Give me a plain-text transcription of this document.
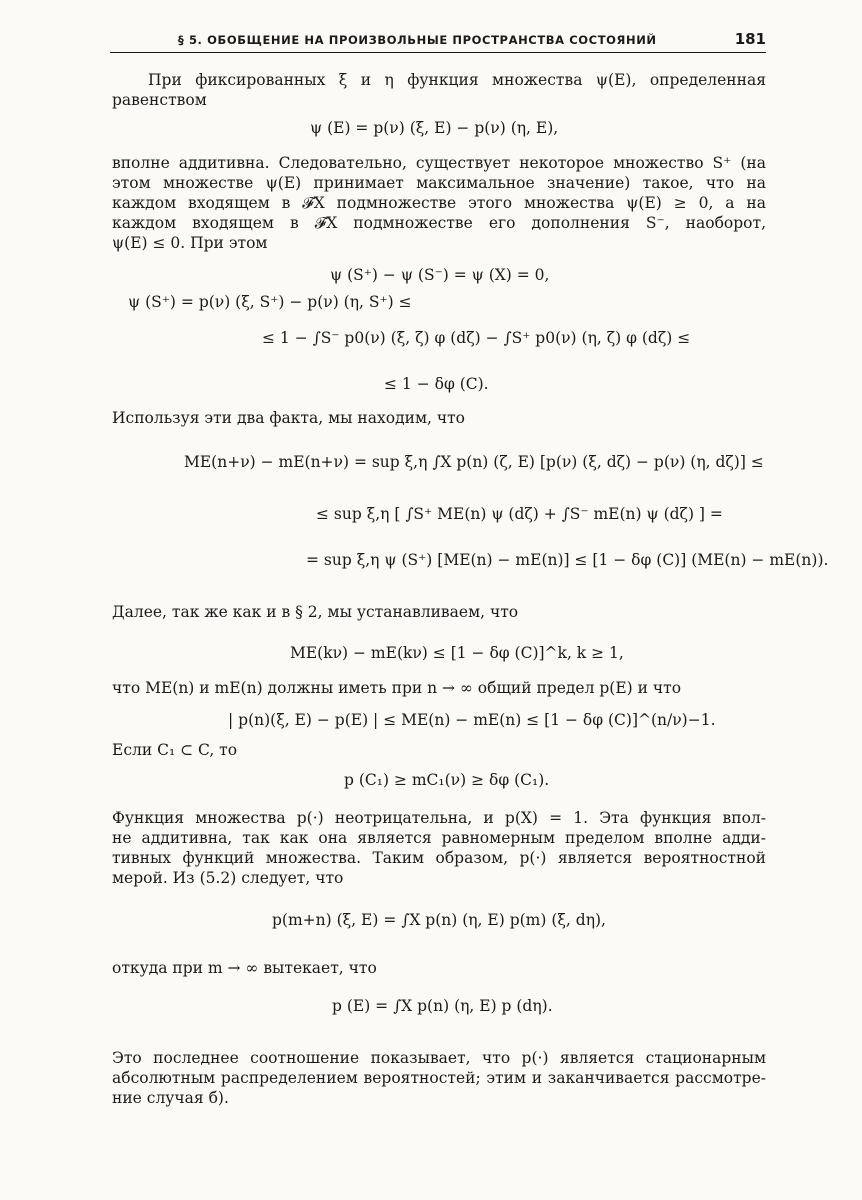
§ 5. ОБОБЩЕНИЕ НА ПРОИЗВОЛЬНЫЕ ПРОСТРАНСТВА СОСТОЯНИЙ	181
При фиксированных ξ и η функция множества ψ(E), определенная
равенством
ψ (E) = p(ν) (ξ, E) − p(ν) (η, E),
вполне аддитивна. Следовательно, существует некоторое множество S⁺ (на
этом множестве ψ(E) принимает максимальное значение) такое, что на
каждом входящем в 𝓕X подмножестве этого множества ψ(E) ≥ 0, а на
каждом входящем в 𝓕X подмножестве его дополнения S⁻, наоборот,
ψ(E) ≤ 0. При этом
ψ (S⁺) − ψ (S⁻) = ψ (X) = 0,
ψ (S⁺) = p(ν) (ξ, S⁺) − p(ν) (η, S⁺) ≤
≤ 1 − ∫S⁻ p0(ν) (ξ, ζ) φ (dζ) − ∫S⁺ p0(ν) (η, ζ) φ (dζ) ≤
≤ 1 − δφ (C).
Используя эти два факта, мы находим, что
ME(n+ν) − mE(n+ν) = sup ξ,η ∫X p(n) (ζ, E) [p(ν) (ξ, dζ) − p(ν) (η, dζ)] ≤
≤ sup ξ,η [ ∫S⁺ ME(n) ψ (dζ) + ∫S⁻ mE(n) ψ (dζ) ] =
= sup ξ,η ψ (S⁺) [ME(n) − mE(n)] ≤ [1 − δφ (C)] (ME(n) − mE(n)).
Далее, так же как и в § 2, мы устанавливаем, что
ME(kν) − mE(kν) ≤ [1 − δφ (C)]^k, k ≥ 1,
что ME(n) и mE(n) должны иметь при n → ∞ общий предел p(E) и что
| p(n)(ξ, E) − p(E) | ≤ ME(n) − mE(n) ≤ [1 − δφ (C)]^(n/ν)−1.
Если C₁ ⊂ C, то
p (C₁) ≥ mC₁(ν) ≥ δφ (C₁).
Функция множества p(·) неотрицательна, и p(X) = 1. Эта функция впол-
не аддитивна, так как она является равномерным пределом вполне адди-
тивных функций множества. Таким образом, p(·) является вероятностной
мерой. Из (5.2) следует, что
p(m+n) (ξ, E) = ∫X p(n) (η, E) p(m) (ξ, dη),
откуда при m → ∞ вытекает, что
p (E) = ∫X p(n) (η, E) p (dη).
Это последнее соотношение показывает, что p(·) является стационарным
абсолютным распределением вероятностей; этим и заканчивается рассмотре-
ние случая б).
